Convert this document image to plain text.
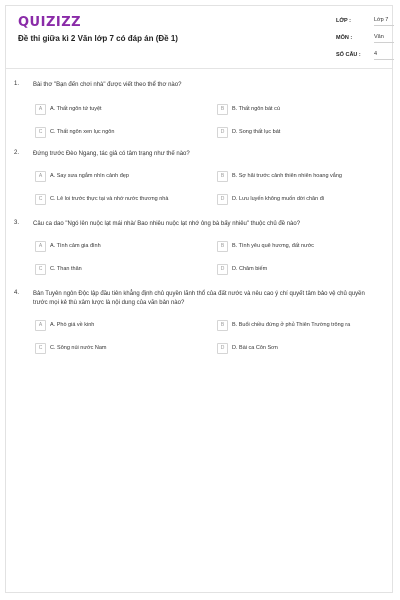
QUIZIZZ
Đề thi giữa kì 2 Văn lớp 7 có đáp án (Đề 1)
LỚP :	Lớp 7
MÔN :	Văn
SỐ CÂU : 4
1. Bài thơ "Bạn đến chơi nhà" được viết theo thể thơ nào?
A	A. Thất ngôn tứ tuyệt	B	B. Thất ngôn bát cú
C	C. Thất ngôn xen lục ngôn	D	D. Song thất lục bát
2. Đứng trước Đèo Ngang, tác giả có tâm trạng như thế nào?
A	A. Say sưa ngắm nhìn cảnh đẹp	B	B. Sợ hãi trước cảnh thiên nhiên hoang vắng
C	C. Lẻ loi trước thực tại và nhớ nước thương nhà	D	D. Lưu luyến không muốn dời chân đi
3. Câu ca dao "Ngó lên nuộc lạt mái nhà/ Bao nhiêu nuộc lạt nhớ ông bà bấy nhiêu" thuộc chủ đề nào?
A	A. Tình cảm gia đình	B	B. Tình yêu quê hương, đất nước
C	C. Than thân	D	D. Châm biếm
4. Bản Tuyên ngôn Độc lập đầu tiên khẳng định chủ quyền lãnh thổ của đất nước và nêu cao ý chí quyết tâm bảo vệ chủ quyền trước mọi kẻ thù xâm lược là nội dung của văn bản nào?
A	A. Phò giá về kinh	B	B. Buổi chiều đứng ở phủ Thiên Trường trông ra
C	C. Sông núi nước Nam	D	D. Bài ca Côn Sơn
